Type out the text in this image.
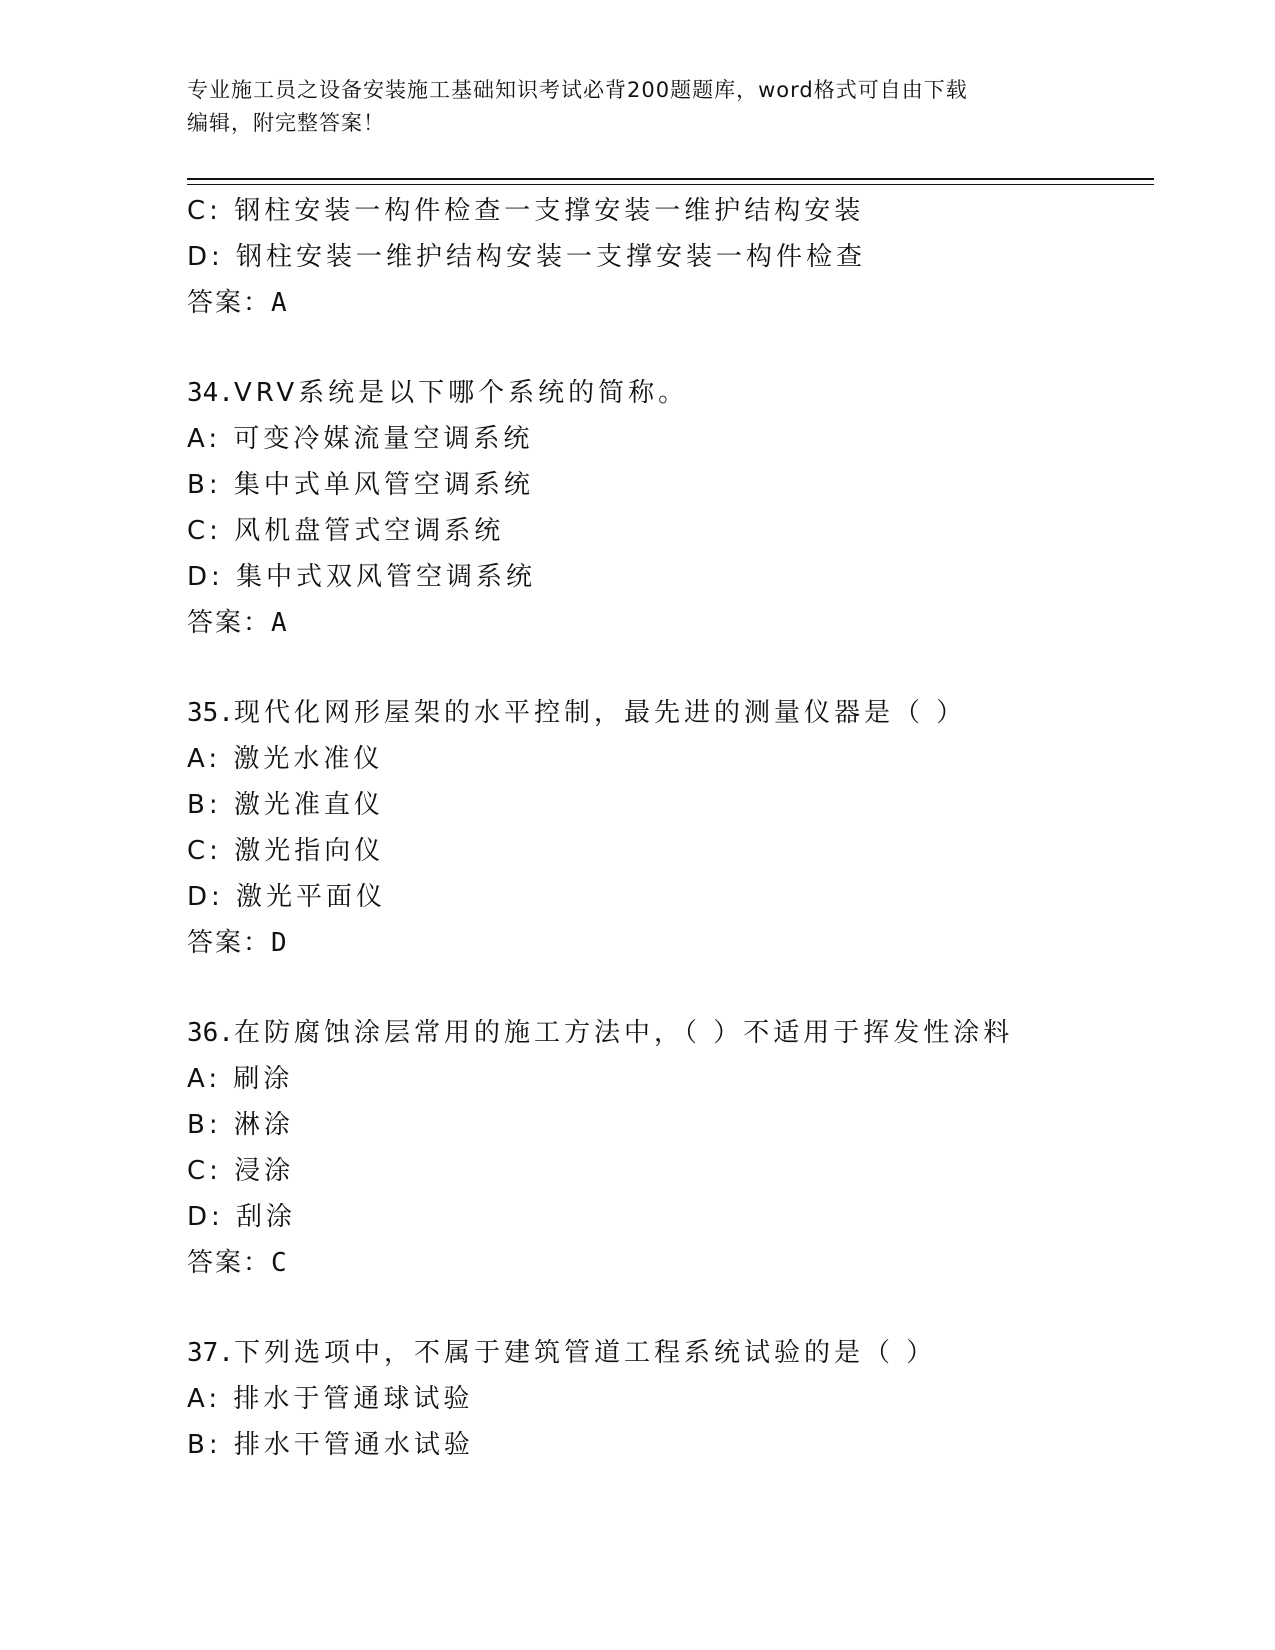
专业施工员之设备安装施工基础知识考试必背200题题库，word格式可自由下载
编辑，附完整答案！
C: 钢柱安装一构件检查一支撑安装一维护结构安装
D: 钢柱安装一维护结构安装一支撑安装一构件检查
答案：A
34.VRV系统是以下哪个系统的简称。
A: 可变冷媒流量空调系统
B: 集中式单风管空调系统
C: 风机盘管式空调系统
D: 集中式双风管空调系统
答案：A
35.现代化网形屋架的水平控制，最先进的测量仪器是（ ）
A: 激光水准仪
B: 激光准直仪
C: 激光指向仪
D: 激光平面仪
答案：D
36.在防腐蚀涂层常用的施工方法中，（ ）不适用于挥发性涂料
A: 刷涂
B: 淋涂
C: 浸涂
D: 刮涂
答案：C
37.下列选项中，不属于建筑管道工程系统试验的是（ ）
A: 排水于管通球试验
B: 排水干管通水试验
